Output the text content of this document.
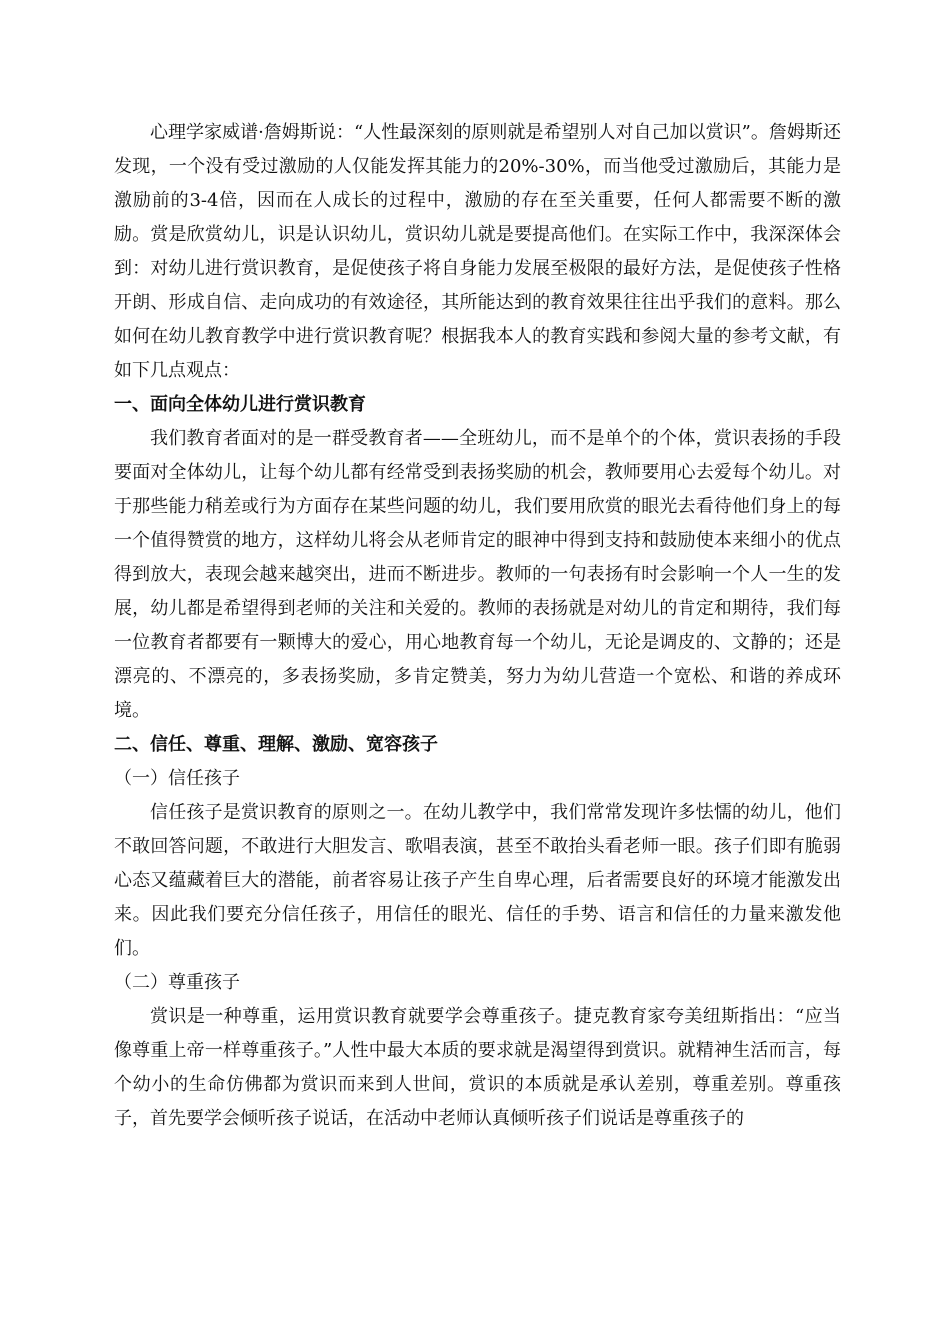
心理学家威谱·詹姆斯说：“人性最深刻的原则就是希望别人对自己加以赏识”。詹姆斯还发现，一个没有受过激励的人仅能发挥其能力的20%-30%，而当他受过激励后，其能力是激励前的3-4倍，因而在人成长的过程中，激励的存在至关重要，任何人都需要不断的激励。赏是欣赏幼儿，识是认识幼儿，赏识幼儿就是要提高他们。在实际工作中，我深深体会到：对幼儿进行赏识教育，是促使孩子将自身能力发展至极限的最好方法，是促使孩子性格开朗、形成自信、走向成功的有效途径，其所能达到的教育效果往往出乎我们的意料。那么如何在幼儿教育教学中进行赏识教育呢？根据我本人的教育实践和参阅大量的参考文献，有如下几点观点：

一、面向全体幼儿进行赏识教育

我们教育者面对的是一群受教育者——全班幼儿，而不是单个的个体，赏识表扬的手段要面对全体幼儿，让每个幼儿都有经常受到表扬奖励的机会，教师要用心去爱每个幼儿。对于那些能力稍差或行为方面存在某些问题的幼儿，我们要用欣赏的眼光去看待他们身上的每一个值得赞赏的地方，这样幼儿将会从老师肯定的眼神中得到支持和鼓励使本来细小的优点得到放大，表现会越来越突出，进而不断进步。教师的一句表扬有时会影响一个人一生的发展，幼儿都是希望得到老师的关注和关爱的。教师的表扬就是对幼儿的肯定和期待，我们每一位教育者都要有一颗博大的爱心，用心地教育每一个幼儿，无论是调皮的、文静的；还是漂亮的、不漂亮的，多表扬奖励，多肯定赞美，努力为幼儿营造一个宽松、和谐的养成环境。

二、信任、尊重、理解、激励、宽容孩子

（一）信任孩子

信任孩子是赏识教育的原则之一。在幼儿教学中，我们常常发现许多怯懦的幼儿，他们不敢回答问题，不敢进行大胆发言、歌唱表演，甚至不敢抬头看老师一眼。孩子们即有脆弱心态又蕴藏着巨大的潜能，前者容易让孩子产生自卑心理，后者需要良好的环境才能激发出来。因此我们要充分信任孩子，用信任的眼光、信任的手势、语言和信任的力量来激发他们。

（二）尊重孩子

赏识是一种尊重，运用赏识教育就要学会尊重孩子。捷克教育家夸美纽斯指出：“应当像尊重上帝一样尊重孩子。”人性中最大本质的要求就是渴望得到赏识。就精神生活而言，每个幼小的生命仿佛都为赏识而来到人世间，赏识的本质就是承认差别，尊重差别。尊重孩子，首先要学会倾听孩子说话，在活动中老师认真倾听孩子们说话是尊重孩子的
